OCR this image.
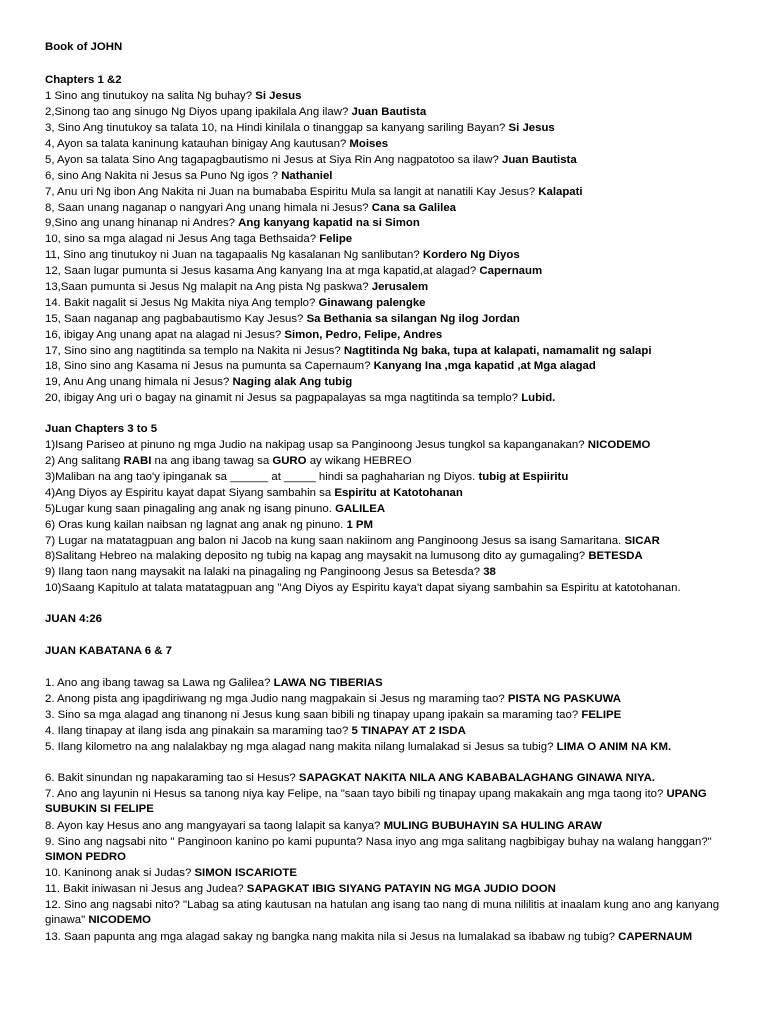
Book of JOHN
Chapters 1 &2
1 Sino ang tinutukoy na salita Ng buhay? Si Jesus
2,Sinong tao ang sinugo Ng Diyos upang ipakilala Ang ilaw? Juan Bautista
3, Sino Ang tinutukoy sa talata 10, na Hindi kinilala o tinanggap sa kanyang sariling Bayan? Si Jesus
4, Ayon sa talata kaninung katauhan binigay Ang kautusan? Moises
5, Ayon sa talata Sino Ang tagapagbautismo ni Jesus at Siya Rin Ang nagpatotoo sa ilaw? Juan Bautista
6, sino Ang Nakita ni Jesus sa Puno Ng igos ? Nathaniel
7, Anu uri Ng ibon Ang Nakita ni Juan na bumababa Espiritu Mula sa langit at nanatili Kay Jesus? Kalapati
8, Saan unang naganap o nangyari Ang unang himala ni Jesus? Cana sa Galilea
9,Sino ang unang hinanap ni Andres? Ang kanyang kapatid na si Simon
10, sino sa mga alagad ni Jesus Ang taga Bethsaida? Felipe
11, Sino ang tinutukoy ni Juan na tagapaalis Ng kasalanan Ng sanlibutan? Kordero Ng Diyos
12, Saan lugar pumunta si Jesus kasama Ang kanyang Ina at mga kapatid,at alagad? Capernaum
13,Saan pumunta si Jesus Ng malapit na Ang pista Ng paskwa? Jerusalem
14. Bakit nagalit si Jesus Ng Makita niya Ang templo? Ginawang palengke
15, Saan naganap ang pagbabautismo Kay Jesus? Sa Bethania sa silangan Ng ilog Jordan
16, ibigay Ang unang apat na alagad ni Jesus? Simon, Pedro, Felipe, Andres
17, Sino sino ang nagtitinda sa templo na Nakita ni Jesus? Nagtitinda Ng baka, tupa at kalapati, namamalit ng salapi
18, Sino sino ang Kasama ni Jesus na pumunta sa Capernaum? Kanyang Ina ,mga kapatid ,at Mga alagad
19, Anu Ang unang himala ni Jesus? Naging alak Ang tubig
20, ibigay Ang uri o bagay na ginamit ni Jesus sa pagpapalayas sa mga nagtitinda sa templo? Lubid.
Juan Chapters 3 to 5
1)Isang Pariseo at pinuno ng mga Judio na nakipag usap sa Panginoong Jesus tungkol sa kapanganakan? NICODEMO
2) Ang salitang RABI na ang ibang tawag sa GURO ay wikang HEBREO
3)Maliban na ang tao'y ipinganak sa ______ at _____ hindi sa paghaharian ng Diyos. tubig at Espiiritu
4)Ang Diyos ay Espiritu kayat dapat Siyang sambahin sa Espiritu at Katotohanan
5)Lugar kung saan pinagaling ang anak ng isang pinuno. GALILEA
6) Oras kung kailan naibsan ng lagnat ang anak ng pinuno. 1 PM
7) Lugar na matatagpuan ang balon ni Jacob na kung saan nakiinom ang Panginoong Jesus sa isang Samaritana. SICAR
8)Salitang Hebreo na malaking deposito ng tubig na kapag ang maysakit na lumusong dito ay gumagaling? BETESDA
9) Ilang taon nang maysakit na lalaki na pinagaling ng Panginoong Jesus sa Betesda? 38
10)Saang Kapitulo at talata matatagpuan ang "Ang Diyos ay Espiritu kaya't dapat siyang sambahin sa Espiritu at katotohanan.
JUAN 4:26
JUAN KABATANA 6 & 7
1. Ano ang ibang tawag sa Lawa ng Galilea? LAWA NG TIBERIAS
2. Anong pista ang ipagdiriwang ng mga Judio nang magpakain si Jesus ng maraming tao? PISTA NG PASKUWA
3. Sino sa mga alagad ang tinanong ni Jesus kung saan bibili ng tinapay upang ipakain sa maraming tao? FELIPE
4. Ilang tinapay at ilang isda ang pinakain sa maraming tao? 5 TINAPAY AT 2 ISDA
5. Ilang kilometro na ang nalalakbay ng mga alagad nang makita nilang lumalakad si Jesus sa tubig? LIMA O ANIM NA KM.
6. Bakit sinundan ng napakaraming tao si Hesus? SAPAGKAT NAKITA NILA ANG KABABALAGHANG GINAWA NIYA.
7. Ano ang layunin ni Hesus sa tanong niya kay Felipe, na "saan tayo bibili ng tinapay upang makakain ang mga taong ito? UPANG SUBUKIN SI FELIPE
8. Ayon kay Hesus ano ang mangyayari sa taong lalapit sa kanya? MULING BUBUHAYIN SA HULING ARAW
9. Sino ang nagsabi nito " Panginoon kanino po kami pupunta? Nasa inyo ang mga salitang nagbibigay buhay na walang hanggan?" SIMON PEDRO
10. Kaninong anak si Judas? SIMON ISCARIOTE
11. Bakit iniwasan ni Jesus ang Judea? SAPAGKAT IBIG SIYANG PATAYIN NG MGA JUDIO DOON
12. Sino ang nagsabi nito? "Labag sa ating kautusan na hatulan ang isang tao nang di muna nililitis at inaalam kung ano ang kanyang ginawa" NICODEMO
13. Saan papunta ang mga alagad sakay ng bangka nang makita nila si Jesus na lumalakad sa ibabaw ng tubig? CAPERNAUM
